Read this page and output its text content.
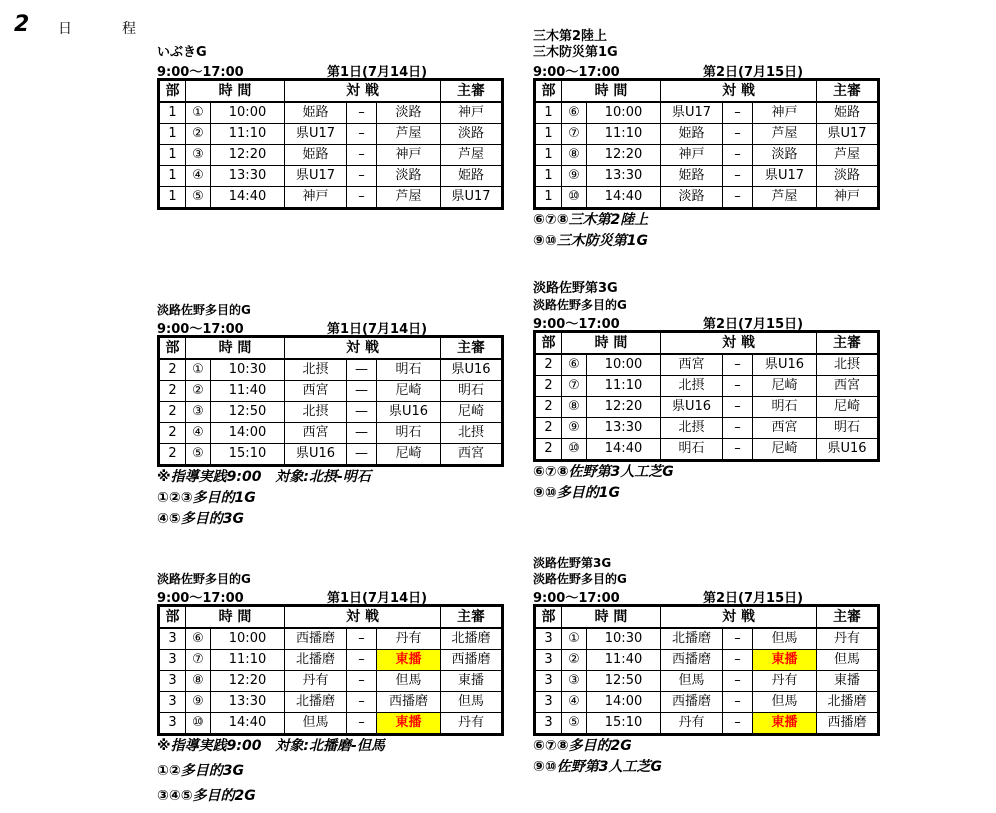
2 日	程
いぶきG
9:00〜17:00	第1日(7月14日)
部	時 間		対 戦			主審
1	①	10:00	姫路	–	淡路	神戸
1	②	11:10	県U17	–	芦屋	淡路
1	③	12:20	姫路	–	神戸	芦屋
1	④	13:30	県U17	–	淡路	姫路
1	⑤	14:40	神戸	–	芦屋	県U17
三木第2陸上
三木防災第1G
9:00〜17:00	第2日(7月15日)
部	時 間		対 戦			主審
1	⑥	10:00	県U17	–	神戸	姫路
1	⑦	11:10	姫路	–	芦屋	県U17
1	⑧	12:20	神戸	–	淡路	芦屋
1	⑨	13:30	姫路	–	県U17	淡路
1	⑩	14:40	淡路	–	芦屋	神戸
⑥⑦⑧三木第2陸上
⑨⑩三木防災第1G
淡路佐野多目的G
9:00〜17:00	第1日(7月14日)
部	時 間		対 戦			主審
2	①	10:30	北摂	—	明石	県U16
2	②	11:40	西宮	—	尼崎	明石
2	③	12:50	北摂	—	県U16	尼崎
2	④	14:00	西宮	—	明石	北摂
2	⑤	15:10	県U16	—	尼崎	西宮
※指導実践9:00　対象:北摂-明石
①②③多目的1G
④⑤多目的3G
淡路佐野第3G
淡路佐野多目的G
9:00〜17:00	第2日(7月15日)
部	時 間		対 戦			主審
2	⑥	10:00	西宮	–	県U16	北摂
2	⑦	11:10	北摂	–	尼崎	西宮
2	⑧	12:20	県U16	–	明石	尼崎
2	⑨	13:30	北摂	–	西宮	明石
2	⑩	14:40	明石	–	尼崎	県U16
⑥⑦⑧佐野第3人工芝G
⑨⑩多目的1G
淡路佐野多目的G
9:00〜17:00	第1日(7月14日)
部	時 間		対 戦			主審
3	⑥	10:00	西播磨	–	丹有	北播磨
3	⑦	11:10	北播磨	–	東播	西播磨
3	⑧	12:20	丹有	–	但馬	東播
3	⑨	13:30	北播磨	–	西播磨	但馬
3	⑩	14:40	但馬	–	東播	丹有
※指導実践9:00　対象:北播磨-但馬
①②多目的3G
③④⑤多目的2G
淡路佐野第3G
淡路佐野多目的G
9:00〜17:00	第2日(7月15日)
部	時 間		対 戦			主審
3	①	10:30	北播磨	–	但馬	丹有
3	②	11:40	西播磨	–	東播	但馬
3	③	12:50	但馬	–	丹有	東播
3	④	14:00	西播磨	–	但馬	北播磨
3	⑤	15:10	丹有	–	東播	西播磨
⑥⑦⑧多目的2G
⑨⑩佐野第3人工芝G
